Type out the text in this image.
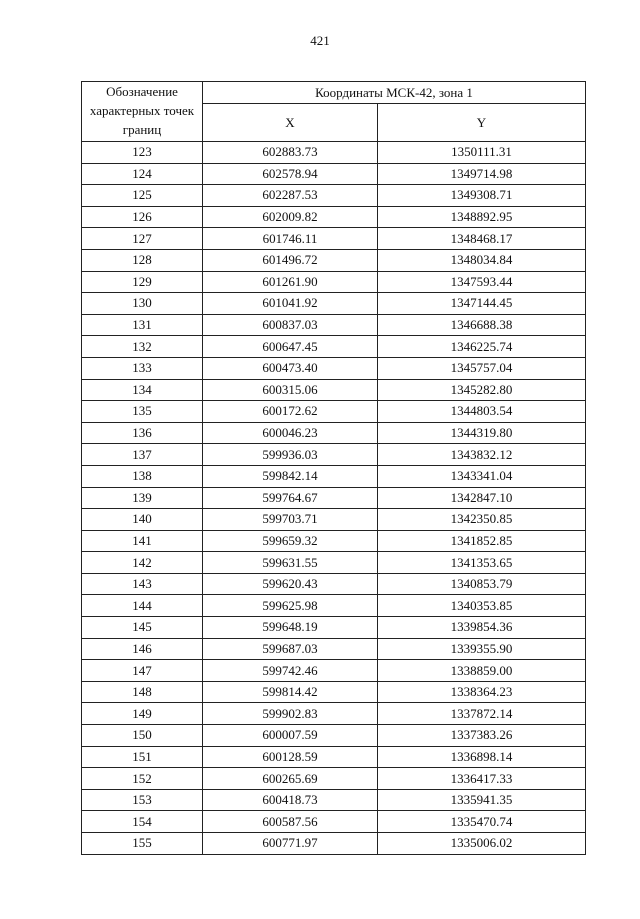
421
Обозначение характерных точек границ	Координаты МСК-42, зона 1	
	X	Y
123	602883.73	1350111.31
124	602578.94	1349714.98
125	602287.53	1349308.71
126	602009.82	1348892.95
127	601746.11	1348468.17
128	601496.72	1348034.84
129	601261.90	1347593.44
130	601041.92	1347144.45
131	600837.03	1346688.38
132	600647.45	1346225.74
133	600473.40	1345757.04
134	600315.06	1345282.80
135	600172.62	1344803.54
136	600046.23	1344319.80
137	599936.03	1343832.12
138	599842.14	1343341.04
139	599764.67	1342847.10
140	599703.71	1342350.85
141	599659.32	1341852.85
142	599631.55	1341353.65
143	599620.43	1340853.79
144	599625.98	1340353.85
145	599648.19	1339854.36
146	599687.03	1339355.90
147	599742.46	1338859.00
148	599814.42	1338364.23
149	599902.83	1337872.14
150	600007.59	1337383.26
151	600128.59	1336898.14
152	600265.69	1336417.33
153	600418.73	1335941.35
154	600587.56	1335470.74
155	600771.97	1335006.02
